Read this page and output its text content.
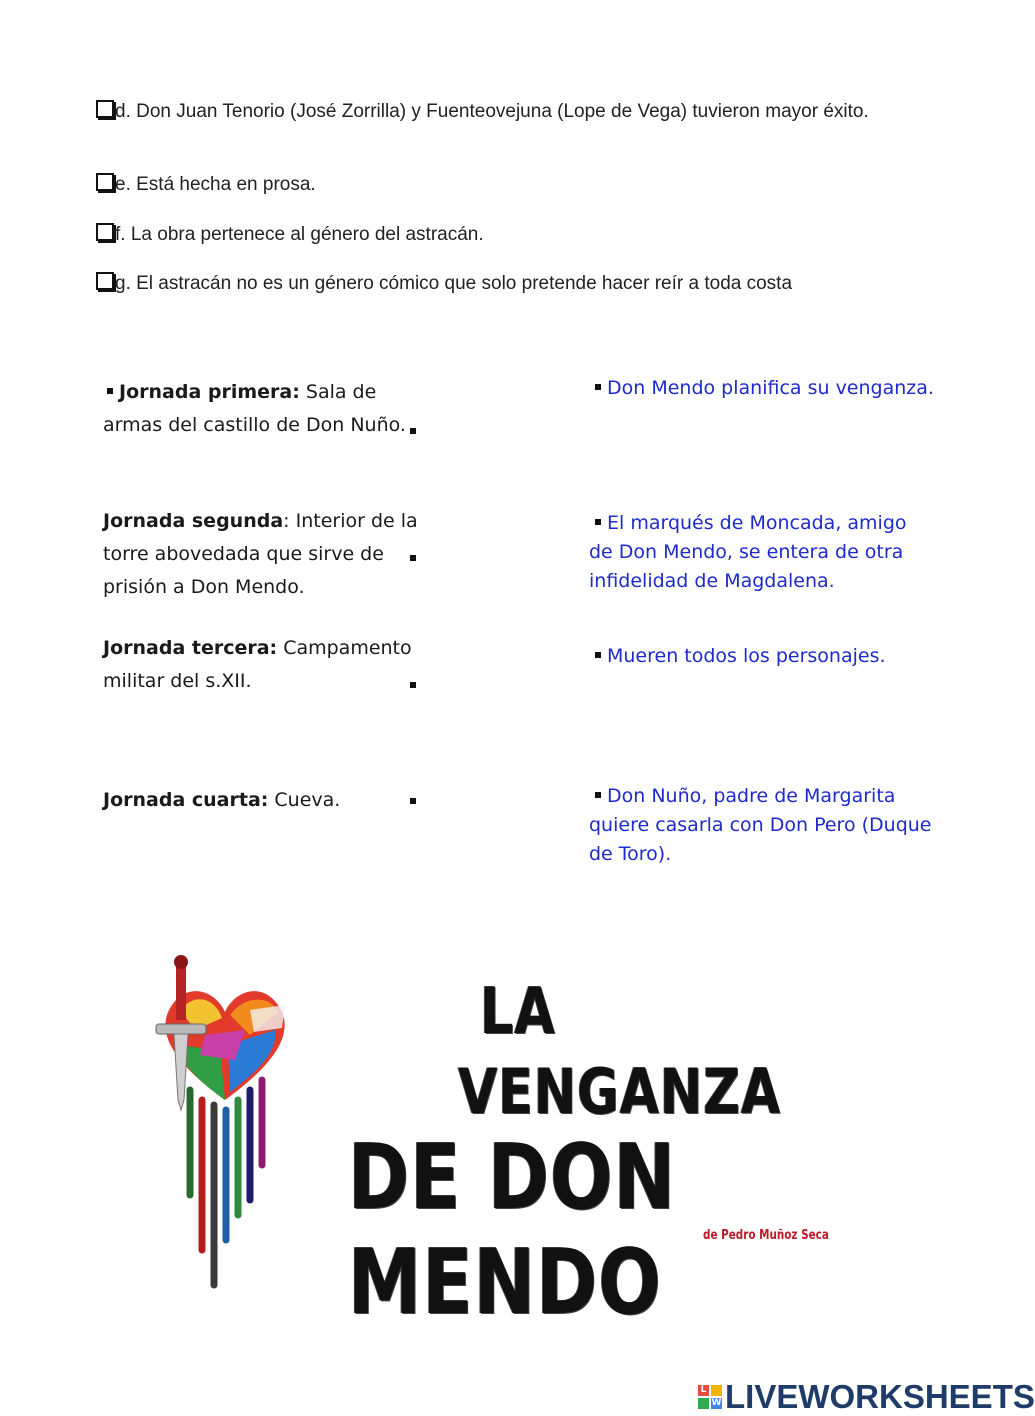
d. Don Juan Tenorio (José Zorrilla) y Fuenteovejuna (Lope de Vega) tuvieron mayor éxito.
e. Está hecha en prosa.
f. La obra pertenece al género del astracán.
g. El astracán no es un género cómico que solo pretende hacer reír a toda costa
Jornada primera: Sala de armas del castillo de Don Nuño.
Jornada segunda: Interior de la torre abovedada que sirve de prisión a Don Mendo.
Jornada tercera: Campamento militar del s.XII.
Jornada cuarta: Cueva.
Don Mendo planifica su venganza.
El marqués de Moncada, amigo de Don Mendo, se entera de otra infidelidad de Magdalena.
Mueren todos los personajes.
Don Nuño, padre de Margarita quiere casarla con Don Pero (Duque de Toro).
LA
VENGANZA
DE DON MENDO	de Pedro Muñoz Seca
L
W LIVEWORKSHEETS
